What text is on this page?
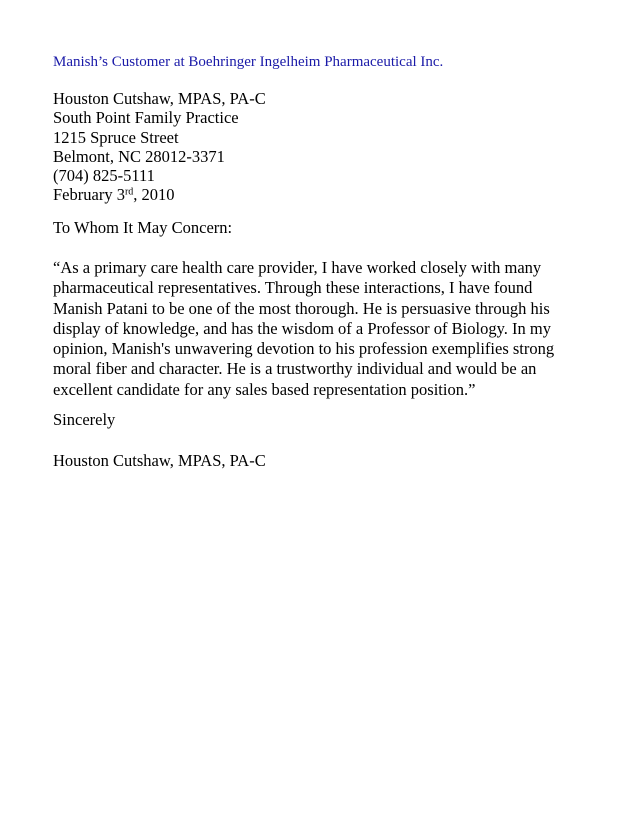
Manish’s Customer at Boehringer Ingelheim Pharmaceutical Inc.
Houston Cutshaw, MPAS, PA-C
South Point Family Practice
1215 Spruce Street
Belmont, NC 28012-3371
(704) 825-5111
February 3rd, 2010
To Whom It May Concern:
“As a primary care health care provider, I have worked closely with many
pharmaceutical representatives. Through these interactions, I have found
Manish Patani to be one of the most thorough. He is persuasive through his
display of knowledge, and has the wisdom of a Professor of Biology. In my
opinion, Manish's unwavering devotion to his profession exemplifies strong
moral fiber and character. He is a trustworthy individual and would be an
excellent candidate for any sales based representation position.”
Sincerely
Houston Cutshaw, MPAS, PA-C
